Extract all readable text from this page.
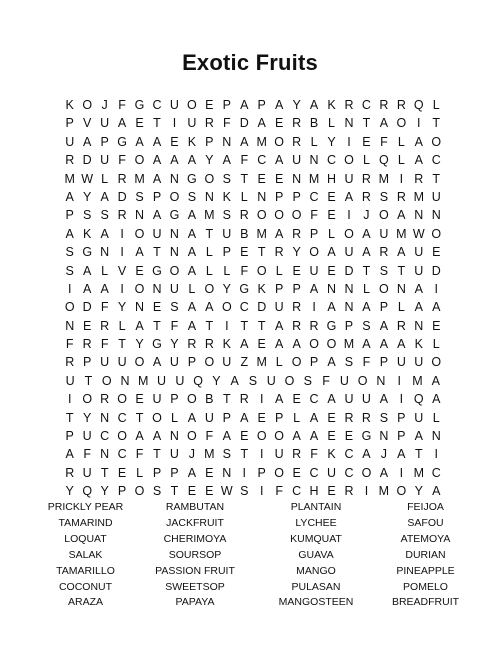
Exotic Fruits
K O J F G C U O E P A P A Y A K R C R R Q L
P V U A E T I U R F D A E R B L N T A O I T
U A P G A A E K P N A M O R L Y I E F L A O
R D U F O A A A Y A F C A U N C O L Q L A C
M W L R M A N G O S T E E N M H U R M I R T
A Y A D S P O S N K L N P P C E A R S R M U
P S S R N A G A M S R O O O F E I	J O A N N
A K A I O U N A T U B M A R P L O A U M W O
S G N I A T N A L P E T R Y O A U A R A U E
S A L V E G O A L L F O L E U E D T S T U D
I A A I O N U L O Y G K P P A N N L O N A I
O D F Y N E S A A O C D U R I A N A P L A A
N E R L A T F A T I T T A R R G P S A R N E
F R F T Y G Y R R K A E A A O O M A A A K L
R P U U O A U P O U Z M L O P A S F P U U O
U T O N M U U Q Y A S U O S F U O N I M A
I O R O E U P O B T R I A E C A U U A I Q A
T Y N C T O L A U P A E P L A E R R S P U L
P U C O A A N O F A E O O A A E E G N P A N
A F N C F T U J M S T I U R F K C A J A T I
R U T E L P P A E N I P O E C U C O A I M C
Y Q Y P O S T E E W S I F C H E R I M O Y A
PRICKLY PEAR
TAMARIND
LOQUAT
SALAK
TAMARILLO
COCONUT
ARAZA
RAMBUTAN
JACKFRUIT
CHERIMOYA
SOURSOP
PASSION FRUIT
SWEETSOP
PAPAYA
PLANTAIN
LYCHEE
KUMQUAT
GUAVA
MANGO
PULASAN
MANGOSTEEN
FEIJOA
SAFOU
ATEMOYA
DURIAN
PINEAPPLE
POMELO
BREADFRUIT
